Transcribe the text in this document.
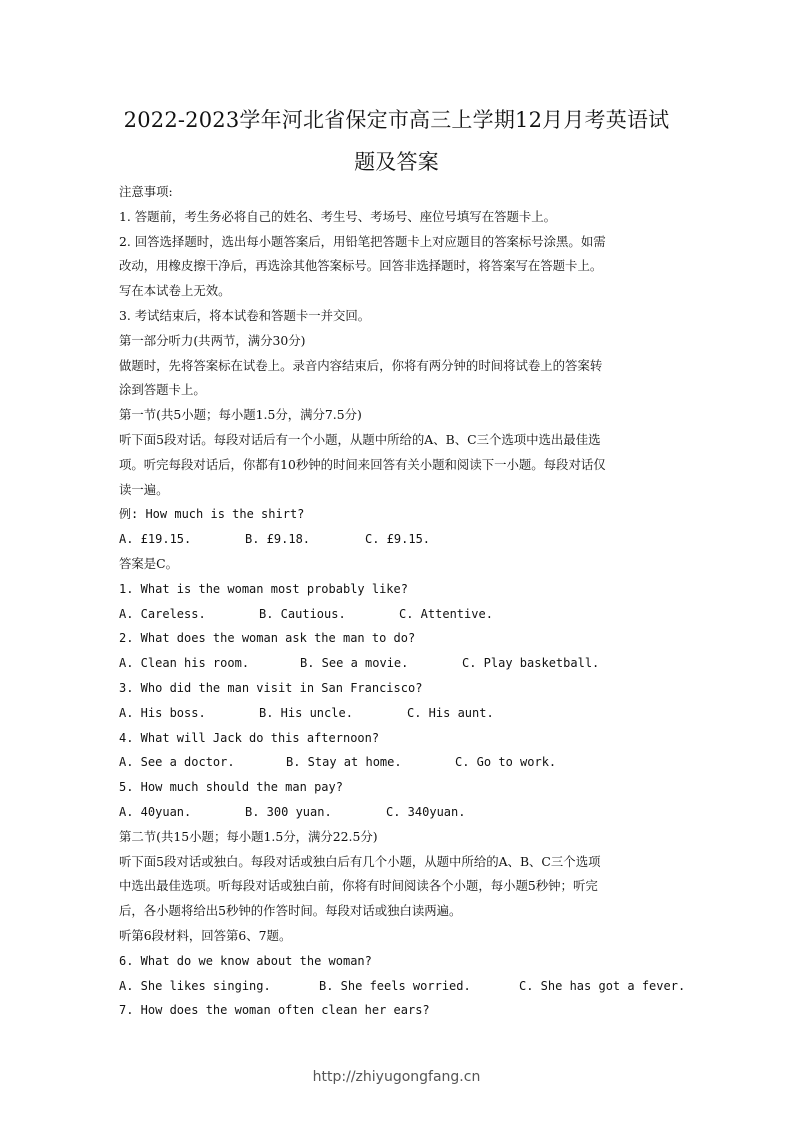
2022-2023学年河北省保定市高三上学期12月月考英语试
题及答案
注意事项:
1. 答题前，考生务必将自己的姓名、考生号、考场号、座位号填写在答题卡上。
2. 回答选择题时，选出每小题答案后，用铅笔把答题卡上对应题目的答案标号涂黑。如需
改动，用橡皮擦干净后，再选涂其他答案标号。回答非选择题时，将答案写在答题卡上。
写在本试卷上无效。
3. 考试结束后，将本试卷和答题卡一并交回。
第一部分听力(共两节，满分30分)
做题时，先将答案标在试卷上。录音内容结束后，你将有两分钟的时间将试卷上的答案转
涂到答题卡上。
第一节(共5小题；每小题1.5分，满分7.5分)
听下面5段对话。每段对话后有一个小题，从题中所给的A、B、C三个选项中选出最佳选
项。听完每段对话后，你都有10秒钟的时间来回答有关小题和阅读下一小题。每段对话仅
读一遍。
例: How much is the shirt?
A. £19.15.	B. £9.18.	C. £9.15.
答案是C。
1. What is the woman most probably like?
A. Careless.	B. Cautious.	C. Attentive.
2. What does the woman ask the man to do?
A. Clean his room.	B. See a movie.	C. Play basketball.
3. Who did the man visit in San Francisco?
A. His boss.	B. His uncle.	C. His aunt.
4. What will Jack do this afternoon?
A. See a doctor.	B. Stay at home.	C. Go to work.
5. How much should the man pay?
A. 40yuan.	B. 300 yuan.	C. 340yuan.
第二节(共15小题；每小题1.5分，满分22.5分)
听下面5段对话或独白。每段对话或独白后有几个小题，从题中所给的A、B、C三个选项
中选出最佳选项。听每段对话或独白前，你将有时间阅读各个小题，每小题5秒钟；听完
后，各小题将给出5秒钟的作答时间。每段对话或独白读两遍。
听第6段材料，回答第6、7题。
6. What do we know about the woman?
A. She likes singing.	B. She feels worried.	C. She has got a fever.
7. How does the woman often clean her ears?
http://zhiyugongfang.cn
